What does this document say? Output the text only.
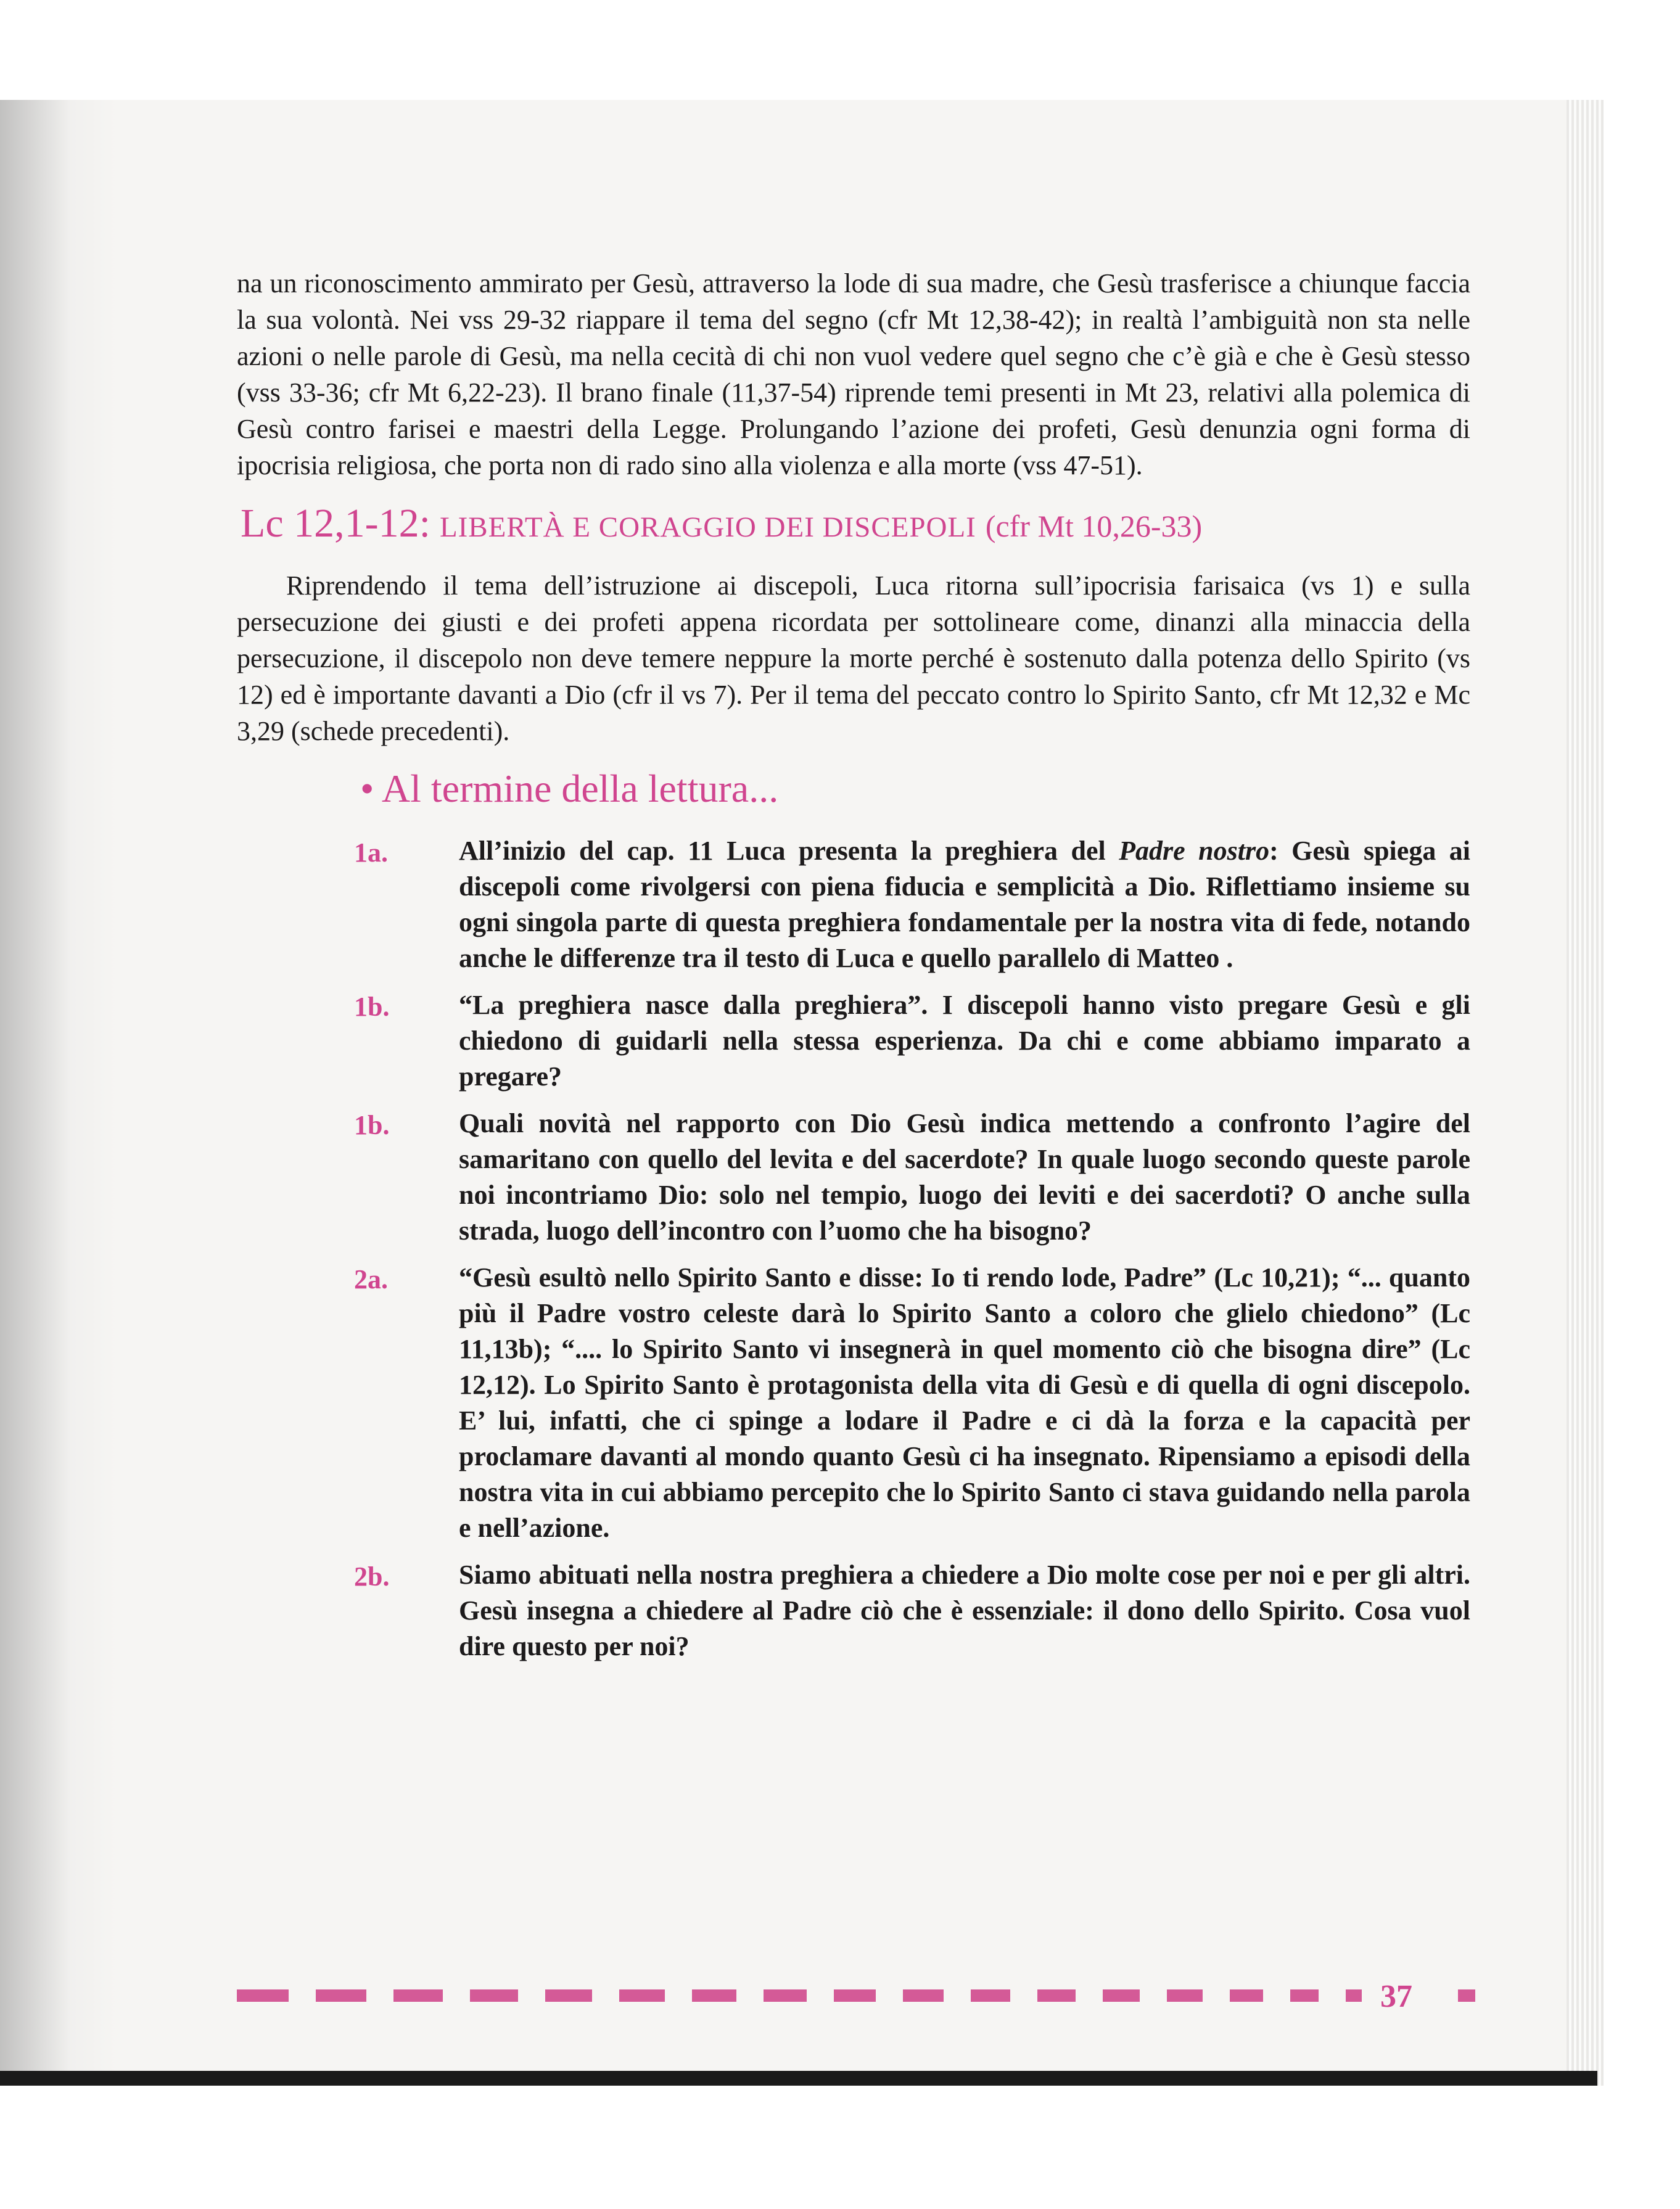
na un riconoscimento ammirato per Gesù, attraverso la lode di sua madre, che Gesù trasferisce a chiunque faccia la sua volontà. Nei vss 29-32 riappare il tema del segno (cfr Mt 12,38-42); in realtà l’ambiguità non sta nelle azioni o nelle parole di Gesù, ma nella cecità di chi non vuol vedere quel segno che c’è già e che è Gesù stesso (vss 33-36; cfr Mt 6,22-23). Il brano finale (11,37-54) riprende temi presenti in Mt 23, relativi alla polemica di Gesù contro farisei e maestri della Legge. Prolungando l’azione dei profeti, Gesù denunzia ogni forma di ipocrisia religiosa, che porta non di rado sino alla violenza e alla morte (vss 47-51).

Lc 12,1-12: LIBERTÀ E CORAGGIO DEI DISCEPOLI (cfr Mt 10,26-33)

Riprendendo il tema dell’istruzione ai discepoli, Luca ritorna sull’ipocrisia farisaica (vs 1) e sulla persecuzione dei giusti e dei profeti appena ricordata per sottolineare come, dinanzi alla minaccia della persecuzione, il discepolo non deve temere neppure la morte perché è sostenuto dalla potenza dello Spirito (vs 12) ed è importante davanti a Dio (cfr il vs 7). Per il tema del peccato contro lo Spirito Santo, cfr Mt 12,32 e Mc 3,29 (schede precedenti).

• Al termine della lettura...
1a.	All’inizio del cap. 11 Luca presenta la preghiera del Padre nostro: Gesù spiega ai discepoli come rivolgersi con piena fiducia e semplicità a Dio. Riflettiamo insieme su ogni singola parte di questa preghiera fondamentale per la nostra vita di fede, notando anche le differenze tra il testo di Luca e quello parallelo di Matteo .

1b.	“La preghiera nasce dalla preghiera”. I discepoli hanno visto pregare Gesù e gli chiedono di guidarli nella stessa esperienza. Da chi e come abbiamo imparato a pregare?

1b.	Quali novità nel rapporto con Dio Gesù indica mettendo a confronto l’agire del samaritano con quello del levita e del sacerdote? In quale luogo secondo queste parole noi incontriamo Dio: solo nel tempio, luogo dei leviti e dei sacerdoti? O anche sulla strada, luogo dell’incontro con l’uomo che ha bisogno?

2a.	“Gesù esultò nello Spirito Santo e disse: Io ti rendo lode, Padre” (Lc 10,21); “... quanto più il Padre vostro celeste darà lo Spirito Santo a coloro che glielo chiedono” (Lc 11,13b); “.... lo Spirito Santo vi insegnerà in quel momento ciò che bisogna dire” (Lc 12,12). Lo Spirito Santo è protagonista della vita di Gesù e di quella di ogni discepolo. E’ lui, infatti, che ci spinge a lodare il Padre e ci dà la forza e la capacità per proclamare davanti al mondo quanto Gesù ci ha insegnato. Ripensiamo a episodi della nostra vita in cui abbiamo percepito che lo Spirito Santo ci stava guidando nella parola e nell’azione.

2b.	Siamo abituati nella nostra preghiera a chiedere a Dio molte cose per noi e per gli altri. Gesù insegna a chiedere al Padre ciò che è essenziale: il dono dello Spirito. Cosa vuol dire questo per noi?

37
